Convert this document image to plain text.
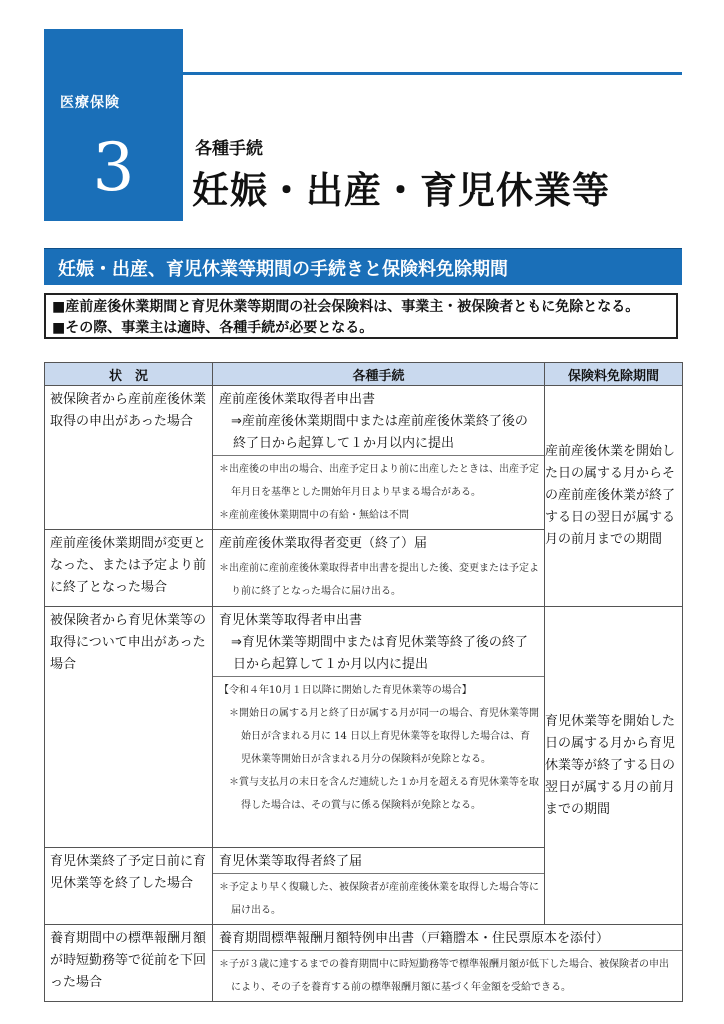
医療保険
3	各種手続
妊娠・出産・育児休業等
妊娠・出産、育児休業等期間の手続きと保険料免除期間
■産前産後休業期間と育児休業等期間の社会保険料は、事業主・被保険者ともに免除となる。
■その際、事業主は適時、各種手続が必要となる。
状　況	各種手続	保険料免除期間

被保険者から産前産後休業取得の申出があった場合	産前産後休業取得者申出書
⇒産前産後休業期間中または産前産後休業終了後の終了日から起算して１か月以内に提出
＊出産後の申出の場合、出産予定日より前に出産したときは、出産予定年月日を基準とした開始年月日より早まる場合がある。
＊産前産後休業期間中の有給・無給は不問	産前産後休業を開始した日の属する月からその産前産後休業が終了する日の翌日が属する月の前月までの期間

産前産後休業期間が変更となった、または予定より前に終了となった場合	産前産後休業取得者変更（終了）届
＊出産前に産前産後休業取得者申出書を提出した後、変更または予定より前に終了となった場合に届け出る。	

被保険者から育児休業等の取得について申出があった場合	育児休業等取得者申出書
⇒育児休業等期間中または育児休業等終了後の終了日から起算して１か月以内に提出
【令和４年10月１日以降に開始した育児休業等の場合】
＊開始日の属する月と終了日が属する月が同一の場合、育児休業等開始日が含まれる月に 14 日以上育児休業等を取得した場合は、育児休業等開始日が含まれる月分の保険料が免除となる。
＊賞与支払月の末日を含んだ連続した１か月を超える育児休業等を取得した場合は、その賞与に係る保険料が免除となる。	育児休業等を開始した日の属する月から育児休業等が終了する日の翌日が属する月の前月までの期間

育児休業終了予定日前に育児休業等を終了した場合	育児休業等取得者終了届
＊予定より早く復職した、被保険者が産前産後休業を取得した場合等に届け出る。	

養育期間中の標準報酬月額が時短勤務等で従前を下回った場合	養育期間標準報酬月額特例申出書（戸籍謄本・住民票原本を添付）
＊子が３歳に達するまでの養育期間中に時短勤務等で標準報酬月額が低下した場合、被保険者の申出により、その子を養育する前の標準報酬月額に基づく年金額を受給できる。	
